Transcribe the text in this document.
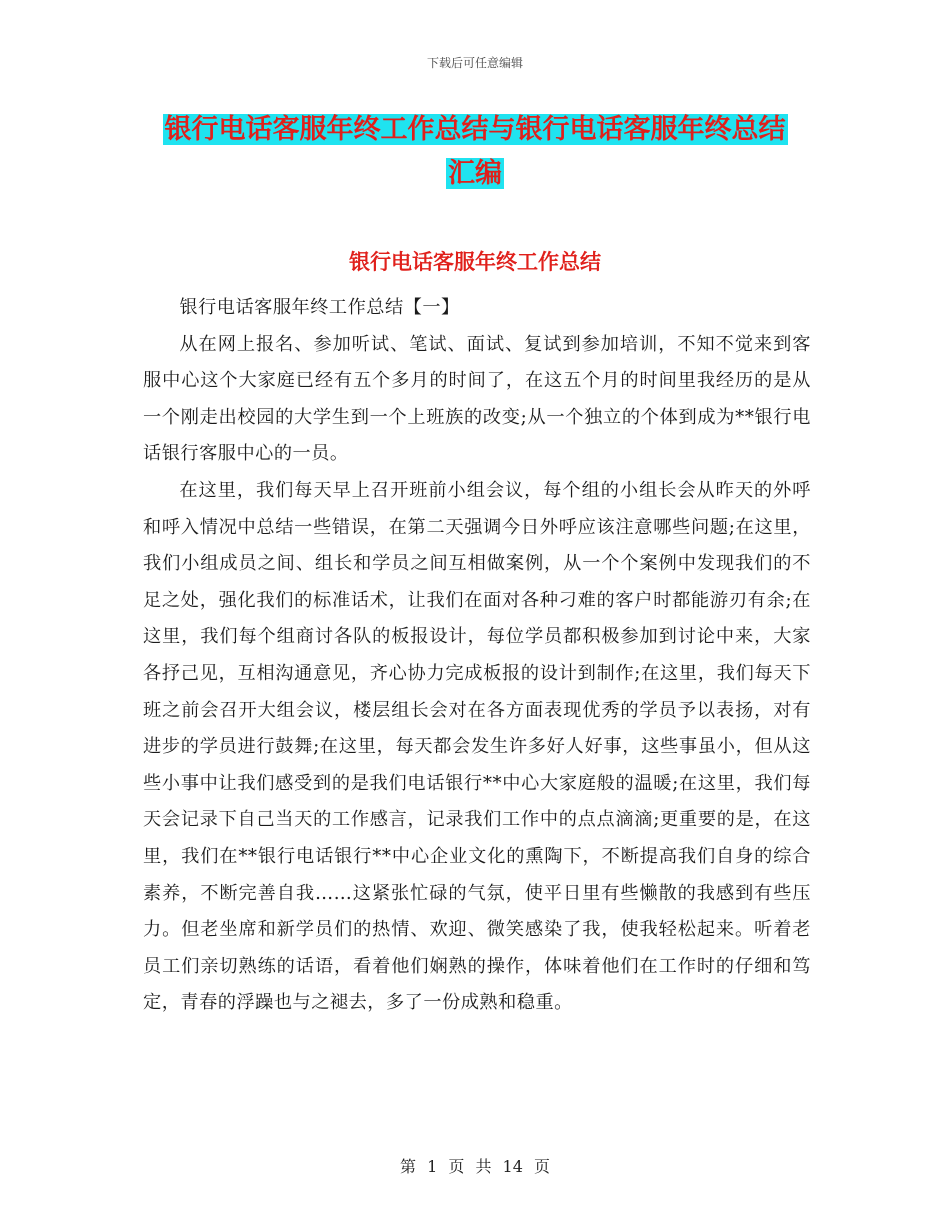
下载后可任意编辑
银行电话客服年终工作总结与银行电话客服年终总结
汇编
银行电话客服年终工作总结

银行电话客服年终工作总结【一】

从在网上报名、参加听试、笔试、面试、复试到参加培训，不知不觉来到客服中心这个大家庭已经有五个多月的时间了，在这五个月的时间里我经历的是从一个刚走出校园的大学生到一个上班族的改变;从一个独立的个体到成为**银行电话银行客服中心的一员。

在这里，我们每天早上召开班前小组会议，每个组的小组长会从昨天的外呼和呼入情况中总结一些错误，在第二天强调今日外呼应该注意哪些问题;在这里，我们小组成员之间、组长和学员之间互相做案例，从一个个案例中发现我们的不足之处，强化我们的标准话术，让我们在面对各种刁难的客户时都能游刃有余;在这里，我们每个组商讨各队的板报设计，每位学员都积极参加到讨论中来，大家各抒己见，互相沟通意见，齐心协力完成板报的设计到制作;在这里，我们每天下班之前会召开大组会议，楼层组长会对在各方面表现优秀的学员予以表扬，对有进步的学员进行鼓舞;在这里，每天都会发生许多好人好事，这些事虽小，但从这些小事中让我们感受到的是我们电话银行**中心大家庭般的温暖;在这里，我们每天会记录下自己当天的工作感言，记录我们工作中的点点滴滴;更重要的是，在这里，我们在**银行电话银行**中心企业文化的熏陶下，不断提高我们自身的综合素养，不断完善自我……这紧张忙碌的气氛，使平日里有些懒散的我感到有些压力。但老坐席和新学员们的热情、欢迎、微笑感染了我，使我轻松起来。听着老员工们亲切熟练的话语，看着他们娴熟的操作，体味着他们在工作时的仔细和笃定，青春的浮躁也与之褪去，多了一份成熟和稳重。

第 1 页 共 14 页
